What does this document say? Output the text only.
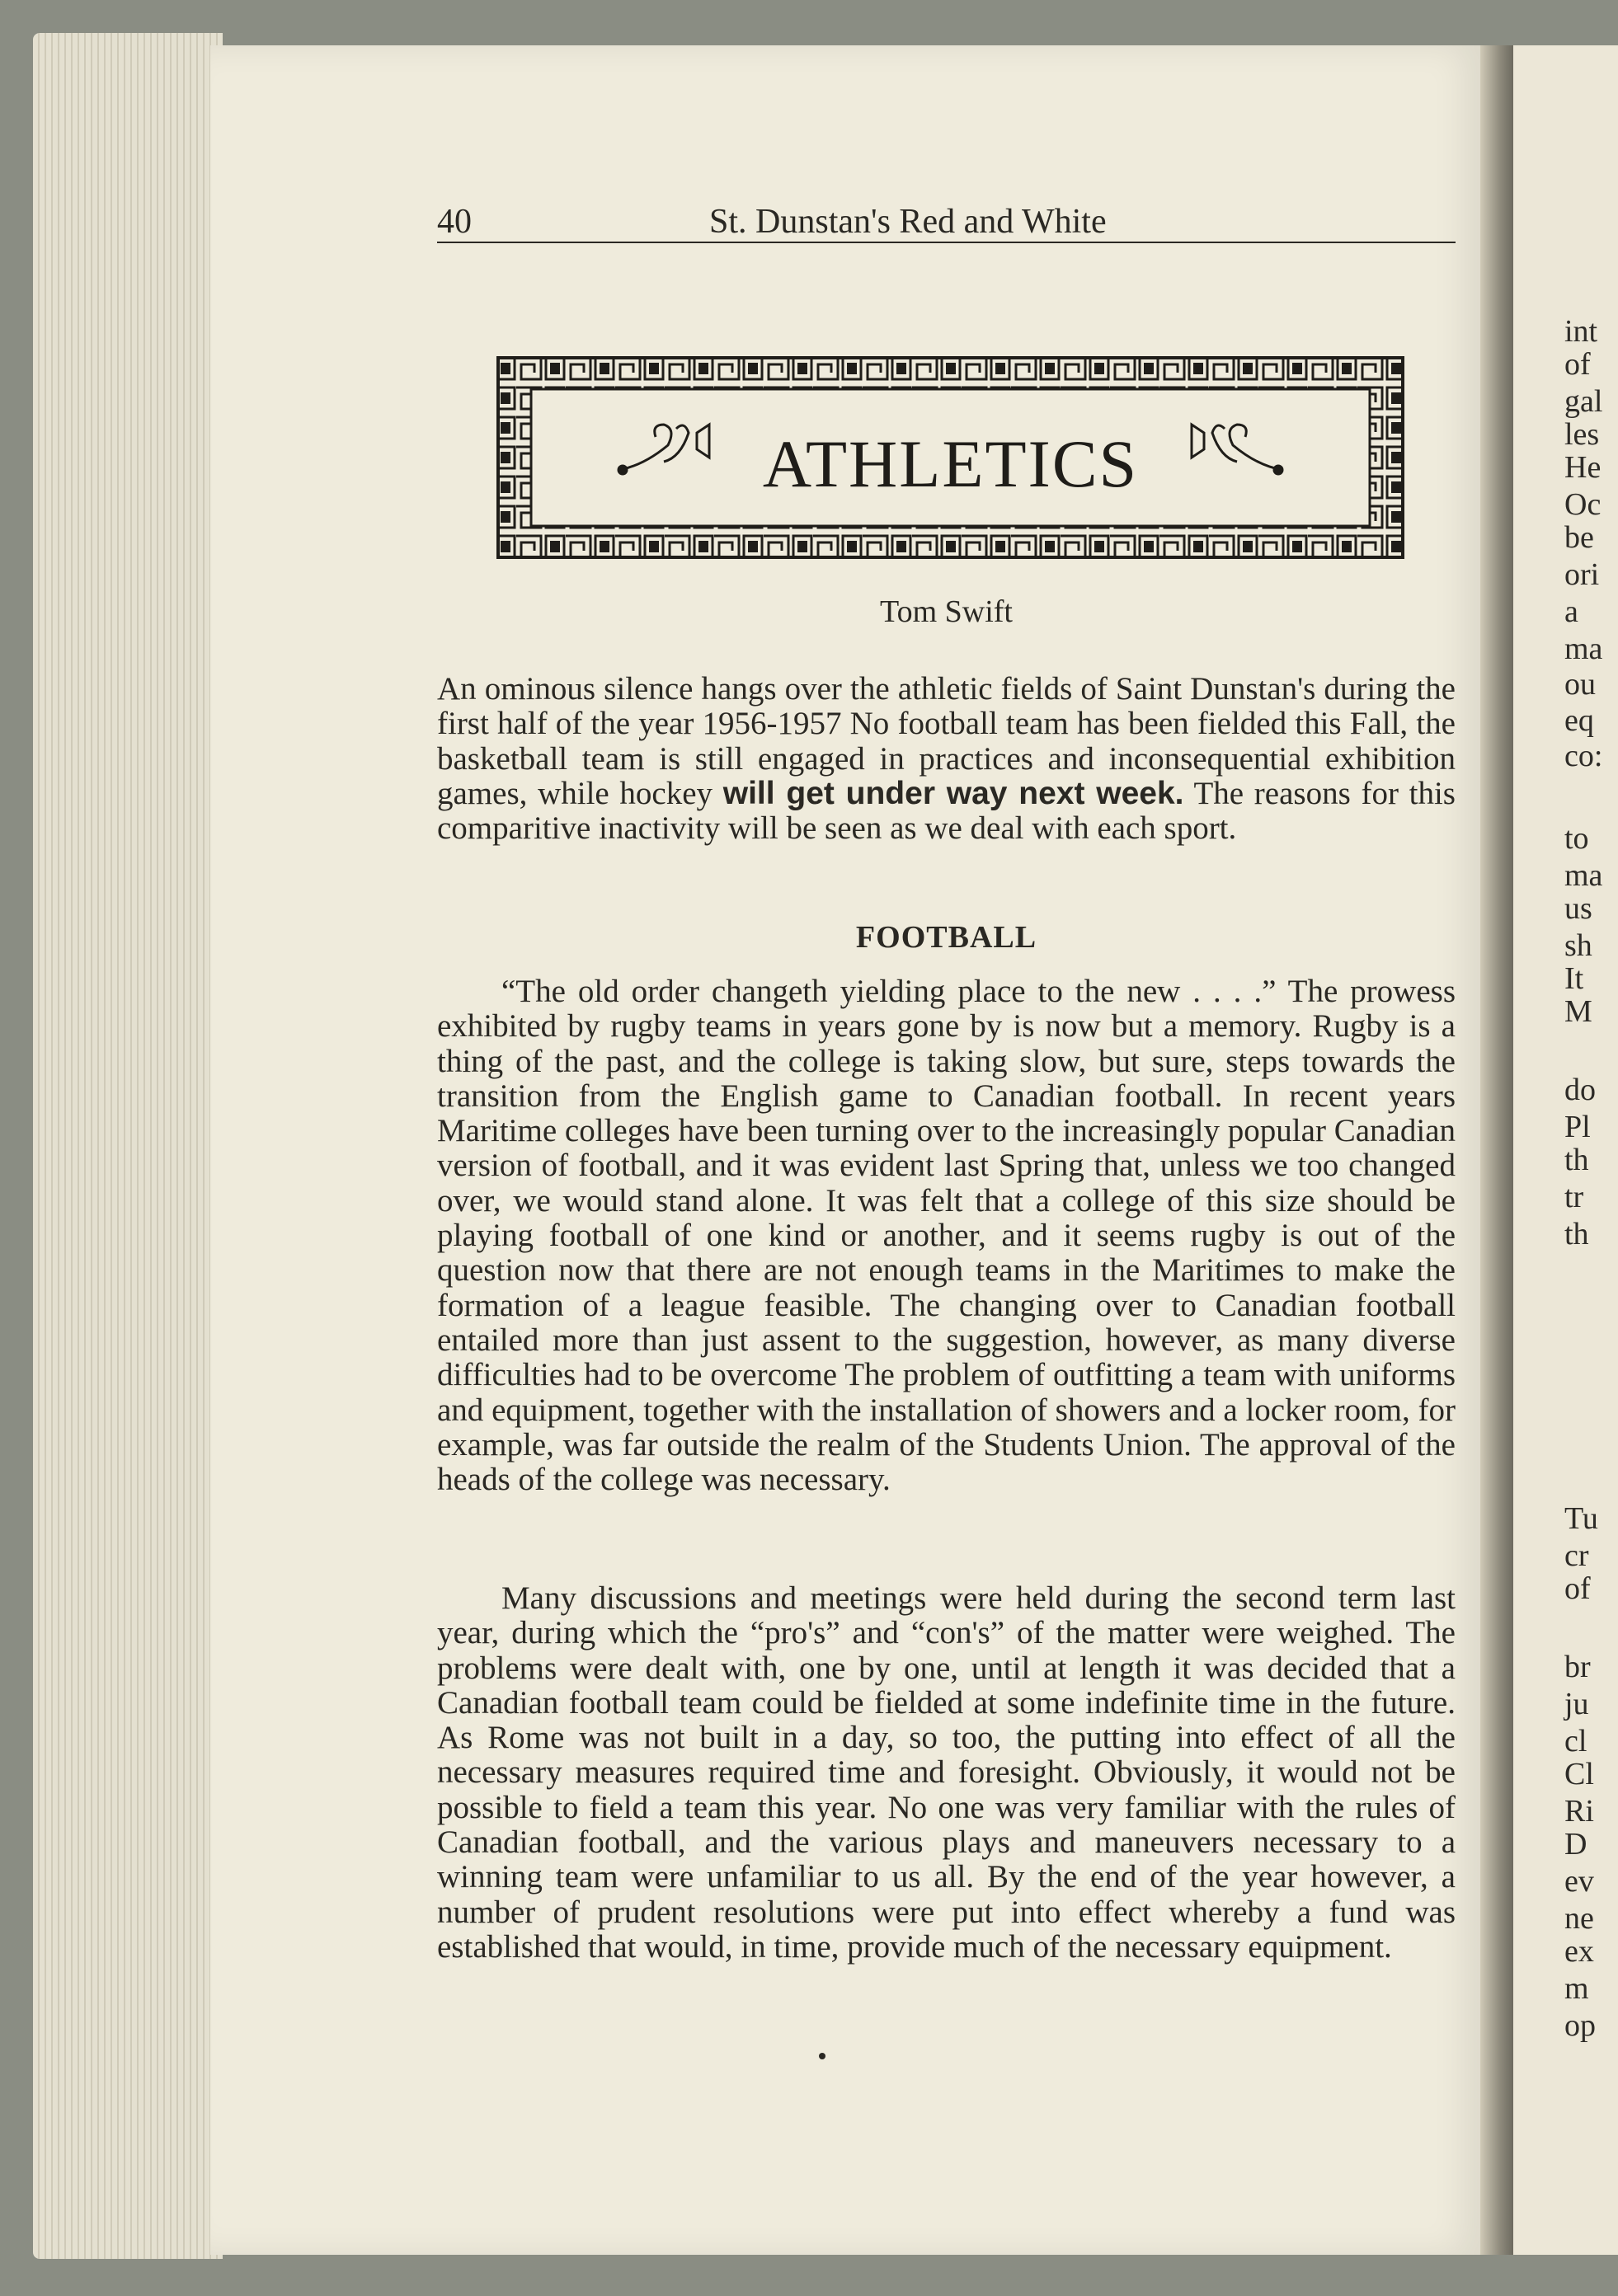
int
of
gal
les
He
Oc
be
ori
a
ma
ou
eq
co:
to
ma
us
sh
It
M
do
Pl
th
tr
th
Tu
cr
of
br
ju
cl
Cl
Ri
D
ev
ne
ex
m
op
40	St. Dunstan's Red and White
ATHLETICS
Tom Swift

An ominous silence hangs over the athletic fields of Saint Dunstan's during the first half of the year 1956-1957 No football team has been fielded this Fall, the basketball team is still engaged in practices and inconsequential exhibition games, while hockey will get under way next week. The reasons for this comparitive inactivity will be seen as we deal with each sport.

FOOTBALL

“The old order changeth yielding place to the new . . . .” The prowess exhibited by rugby teams in years gone by is now but a memory. Rugby is a thing of the past, and the college is taking slow, but sure, steps towards the transition from the English game to Canadian football. In recent years Maritime colleges have been turning over to the increasingly popular Canadian version of football, and it was evident last Spring that, unless we too changed over, we would stand alone. It was felt that a college of this size should be playing football of one kind or another, and it seems rugby is out of the question now that there are not enough teams in the Maritimes to make the formation of a league feasible. The changing over to Canadian football entailed more than just assent to the suggestion, however, as many diverse difficulties had to be overcome The problem of outfitting a team with uniforms and equipment, together with the installation of showers and a locker room, for example, was far outside the realm of the Students Union. The approval of the heads of the college was necessary.

Many discussions and meetings were held during the second term last year, during which the “pro's” and “con's” of the matter were weighed. The problems were dealt with, one by one, until at length it was decided that a Canadian football team could be fielded at some indefinite time in the future. As Rome was not built in a day, so too, the putting into effect of all the necessary measures required time and foresight. Obviously, it would not be possible to field a team this year. No one was very familiar with the rules of Canadian football, and the various plays and maneuvers necessary to a winning team were unfamiliar to us all. By the end of the year however, a number of prudent resolutions were put into effect whereby a fund was established that would, in time, provide much of the necessary equipment.
